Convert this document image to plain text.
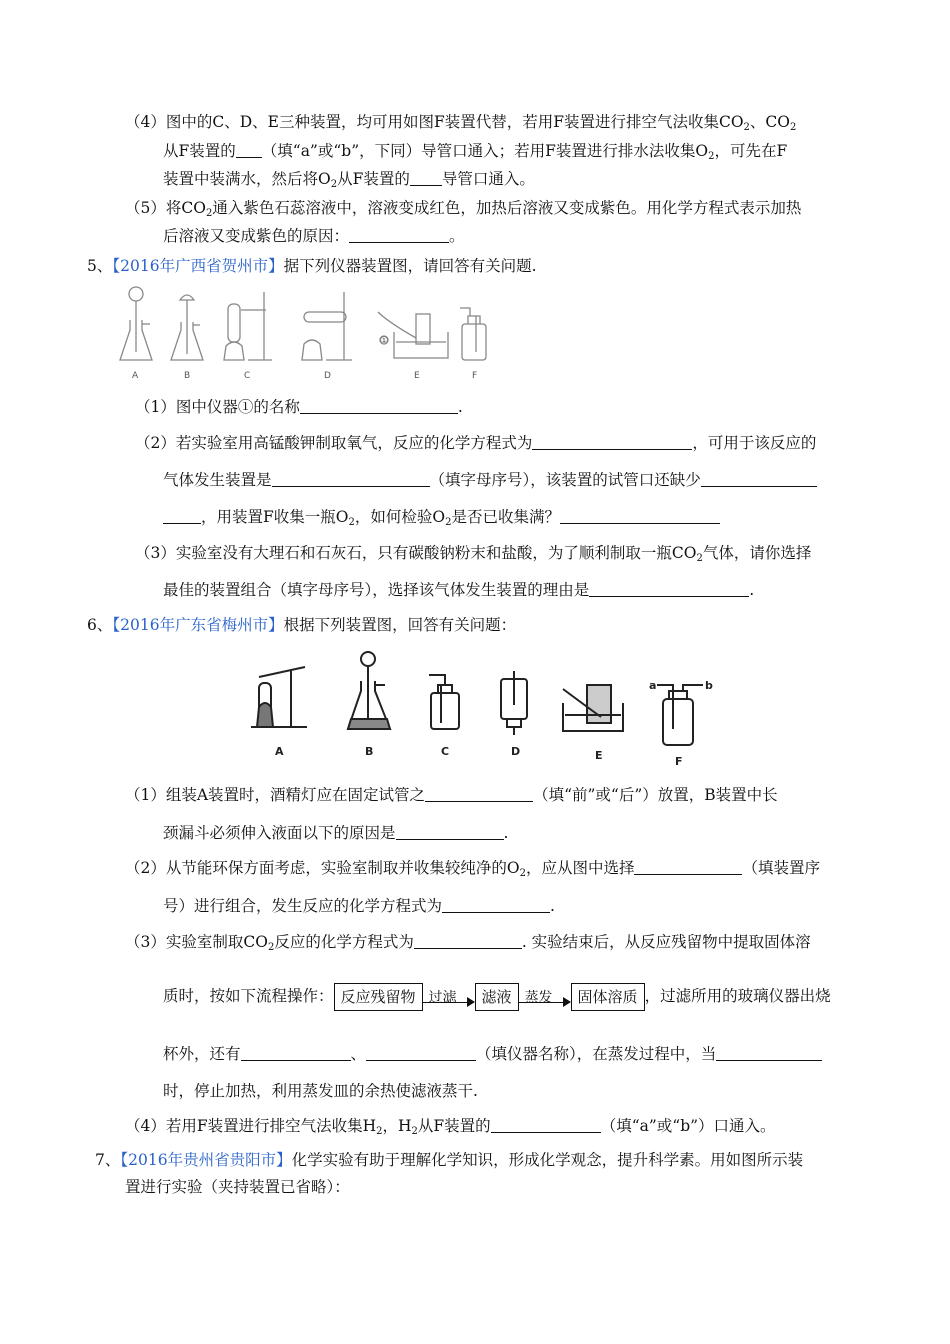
（4）图中的C、D、E三种装置，均可用如图F装置代替，若用F装置进行排空气法收集$CO_2$、$CO_2$
从F装置的 （填“a”或“b”，下同）导管口通入；若用F装置进行排水法收集$O_2$，可先在F
装置中装满水，然后将$O_2$从F装置的 导管口通入。
（5）将$CO_2$通入紫色石蕊溶液中，溶液变成红色，加热后溶液又变成紫色。用化学方程式表示加热
后溶液又变成紫色的原因：	。
5、【2016年广西省贺州市】据下列仪器装置图，请回答有关问题.
A	B	C	D	E	F
①
（1）图中仪器①的名称	.
（2）若实验室用高锰酸钾制取氧气，反应的化学方程式为	，可用于该反应的
气体发生装置是	（填字母序号），该装置的试管口还缺少
，用装置F收集一瓶$O_2$，如何检验$O_2$是否已收集满？
（3）实验室没有大理石和石灰石，只有碳酸钠粉末和盐酸，为了顺利制取一瓶$CO_2$气体，请你选择
最佳的装置组合（填字母序号），选择该气体发生装置的理由是	.
6、【2016年广东省梅州市】根据下列装置图，回答有关问题：
A	B	C	D	E	F
a	b
（1）组装A装置时，酒精灯应在固定试管之	（填“前”或“后”）放置，B装置中长
颈漏斗必须伸入液面以下的原因是	.
（2）从节能环保方面考虑，实验室制取并收集较纯净的$O_2$，应从图中选择	（填装置序
号）进行组合，发生反应的化学方程式为	.
（3）实验室制取$CO_2$反应的化学方程式为	. 实验结束后，从反应残留物中提取固体溶
质时，按如下流程操作： 反应残留物 过滤 滤液 蒸发 固体溶质 ，过滤所用的玻璃仪器出烧
杯外，还有	、	（填仪器名称），在蒸发过程中，当
时，停止加热，利用蒸发皿的余热使滤液蒸干.
（4）若用F装置进行排空气法收集$H_2$，$H_2$从F装置的	（填“a”或“b”）口通入。
7、【2016年贵州省贵阳市】化学实验有助于理解化学知识，形成化学观念，提升科学素。用如图所示装
置进行实验（夹持装置已省略）：
